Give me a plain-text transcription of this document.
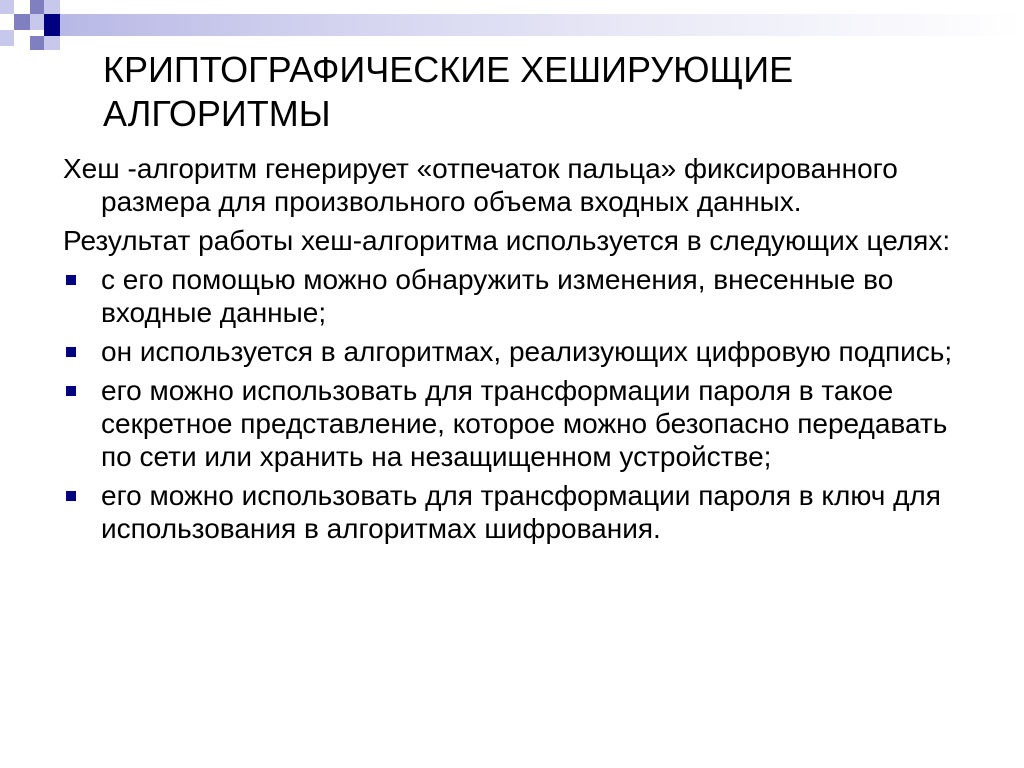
КРИПТОГРАФИЧЕСКИЕ ХЕШИРУЮЩИЕ АЛГОРИТМЫ

Хеш -алгоритм генерирует «отпечаток пальца» фиксированного размера для произвольного объема входных данных.

Результат работы хеш-алгоритма используется в следующих целях:

с его помощью можно обнаружить изменения, внесенные во входные данные;
он используется в алгоритмах, реализующих цифровую подпись;
его можно использовать для трансформации пароля в такое секретное представление, которое можно безопасно передавать по сети или хранить на незащищенном устройстве;
его можно использовать для трансформации пароля в ключ для использования в алгоритмах шифрования.
